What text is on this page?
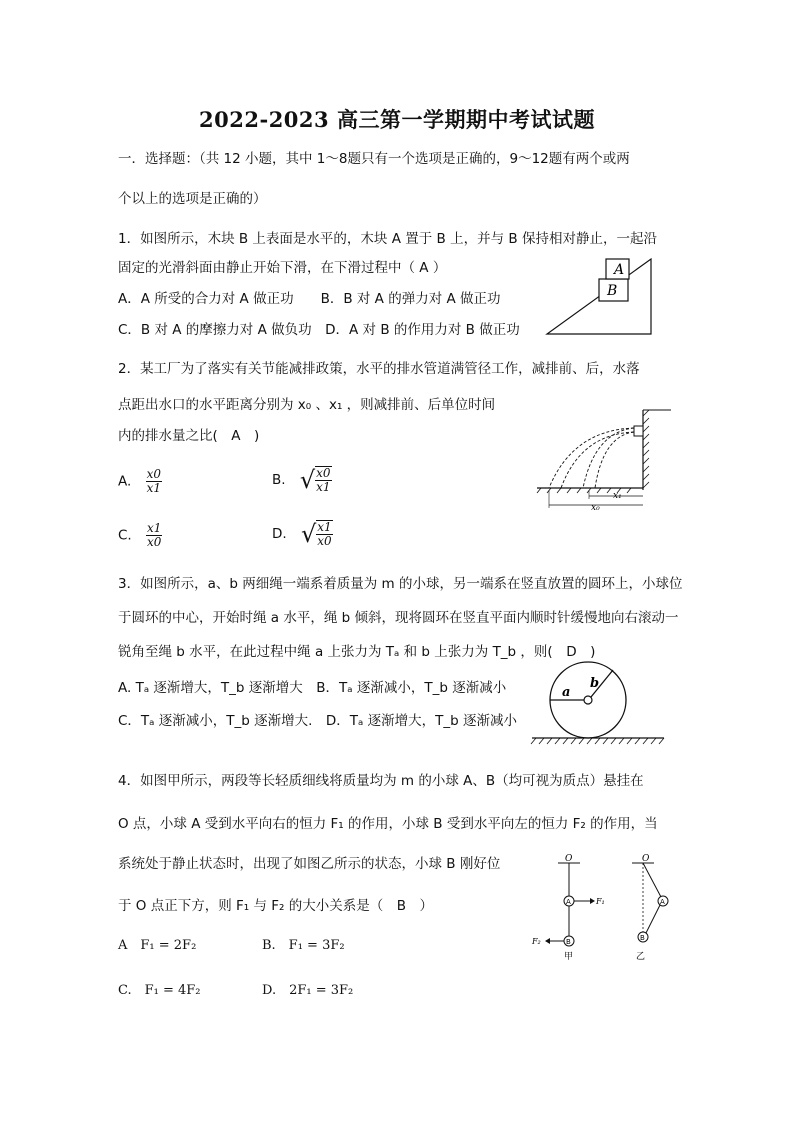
2022-2023 高三第一学期期中考试试题
一．选择题：（共 12 小题，其中 1～8题只有一个选项是正确的，9～12题有两个或两
个以上的选项是正确的）
1．如图所示，木块 B 上表面是水平的，木块 A 置于 B 上，并与 B 保持相对静止，一起沿
固定的光滑斜面由静止开始下滑，在下滑过程中（ A ）
A．A 所受的合力对 A 做正功　　B．B 对 A 的弹力对 A 做正功
C．B 对 A 的摩擦力对 A 做负功　D．A 对 B 的作用力对 B 做正功
A
B
2．某工厂为了落实有关节能减排政策，水平的排水管道满管径工作，减排前、后，水落
点距出水口的水平距离分别为 x₀ 、x₁ ，则减排前、后单位时间
内的排水量之比(　A　)
A. $\frac{x0}{x1}$	B. √ $\frac{x0}{x1}$
C. $\frac{x1}{x0}$	D. √ $\frac{x1}{x0}$
x₁
x₀
3．如图所示，a、b 两细绳一端系着质量为 m 的小球，另一端系在竖直放置的圆环上，小球位
于圆环的中心，开始时绳 a 水平，绳 b 倾斜，现将圆环在竖直平面内顺时针缓慢地向右滚动一
锐角至绳 b 水平，在此过程中绳 a 上张力为 Tₐ 和 b 上张力为 T_b ，则(　D　)
A. Tₐ 逐渐增大，T_b 逐渐增大　B．Tₐ 逐渐减小，T_b 逐渐减小
C．Tₐ 逐渐减小，T_b 逐渐增大.　D．Tₐ 逐渐增大，T_b 逐渐减小
a
b
4．如图甲所示，两段等长轻质细线将质量均为 m 的小球 A、B（均可视为质点）悬挂在
O 点，小球 A 受到水平向右的恒力 F₁ 的作用，小球 B 受到水平向左的恒力 F₂ 的作用，当
系统处于静止状态时，出现了如图乙所示的状态，小球 B 刚好位
于 O 点正下方，则 F₁ 与 F₂ 的大小关系是（　B　）
A　F₁ = 2F₂	B.　F₁ = 3F₂
C.　F₁ = 4F₂	D.　2F₁ = 3F₂
O
A	F₁
B
F₂
甲
O
A
B
乙
